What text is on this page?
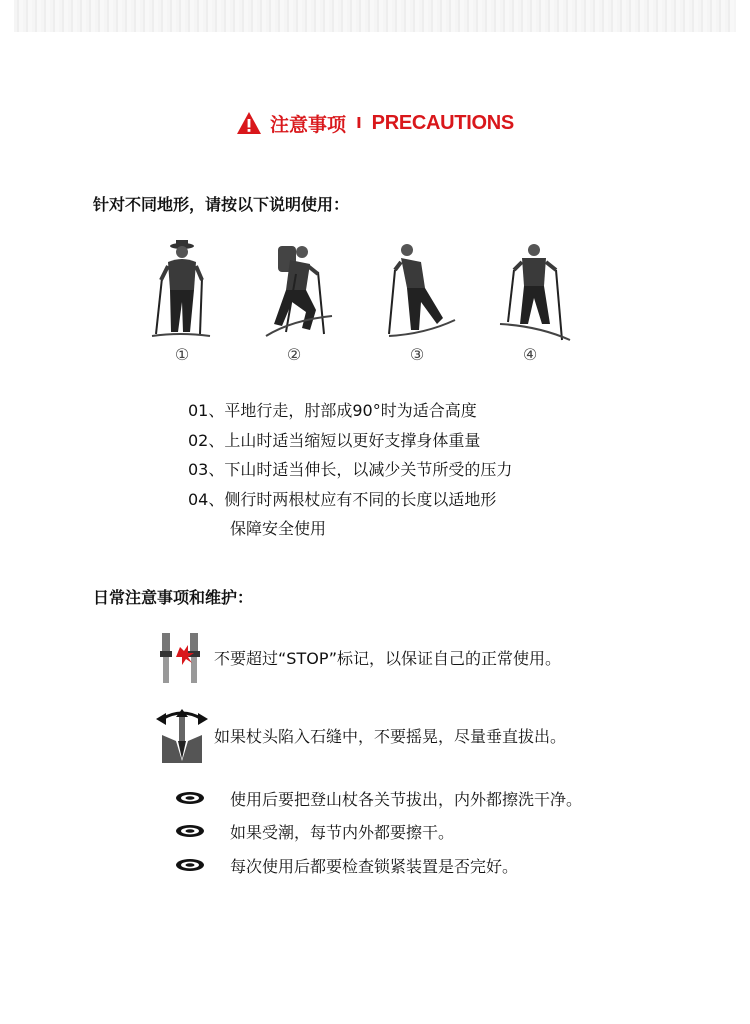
注意事项 I PRECAUTIONS
针对不同地形，请按以下说明使用：
①	②	③	④
01、平地行走，肘部成90°时为适合高度
02、上山时适当缩短以更好支撑身体重量
03、下山时适当伸长，以减少关节所受的压力
04、侧行时两根杖应有不同的长度以适地形
保障安全使用
日常注意事项和维护：
不要超过“STOP”标记，以保证自己的正常使用。
如果杖头陷入石缝中，不要摇晃，尽量垂直拔出。
使用后要把登山杖各关节拔出，内外都擦洗干净。
如果受潮，每节内外都要擦干。
每次使用后都要检查锁紧装置是否完好。
